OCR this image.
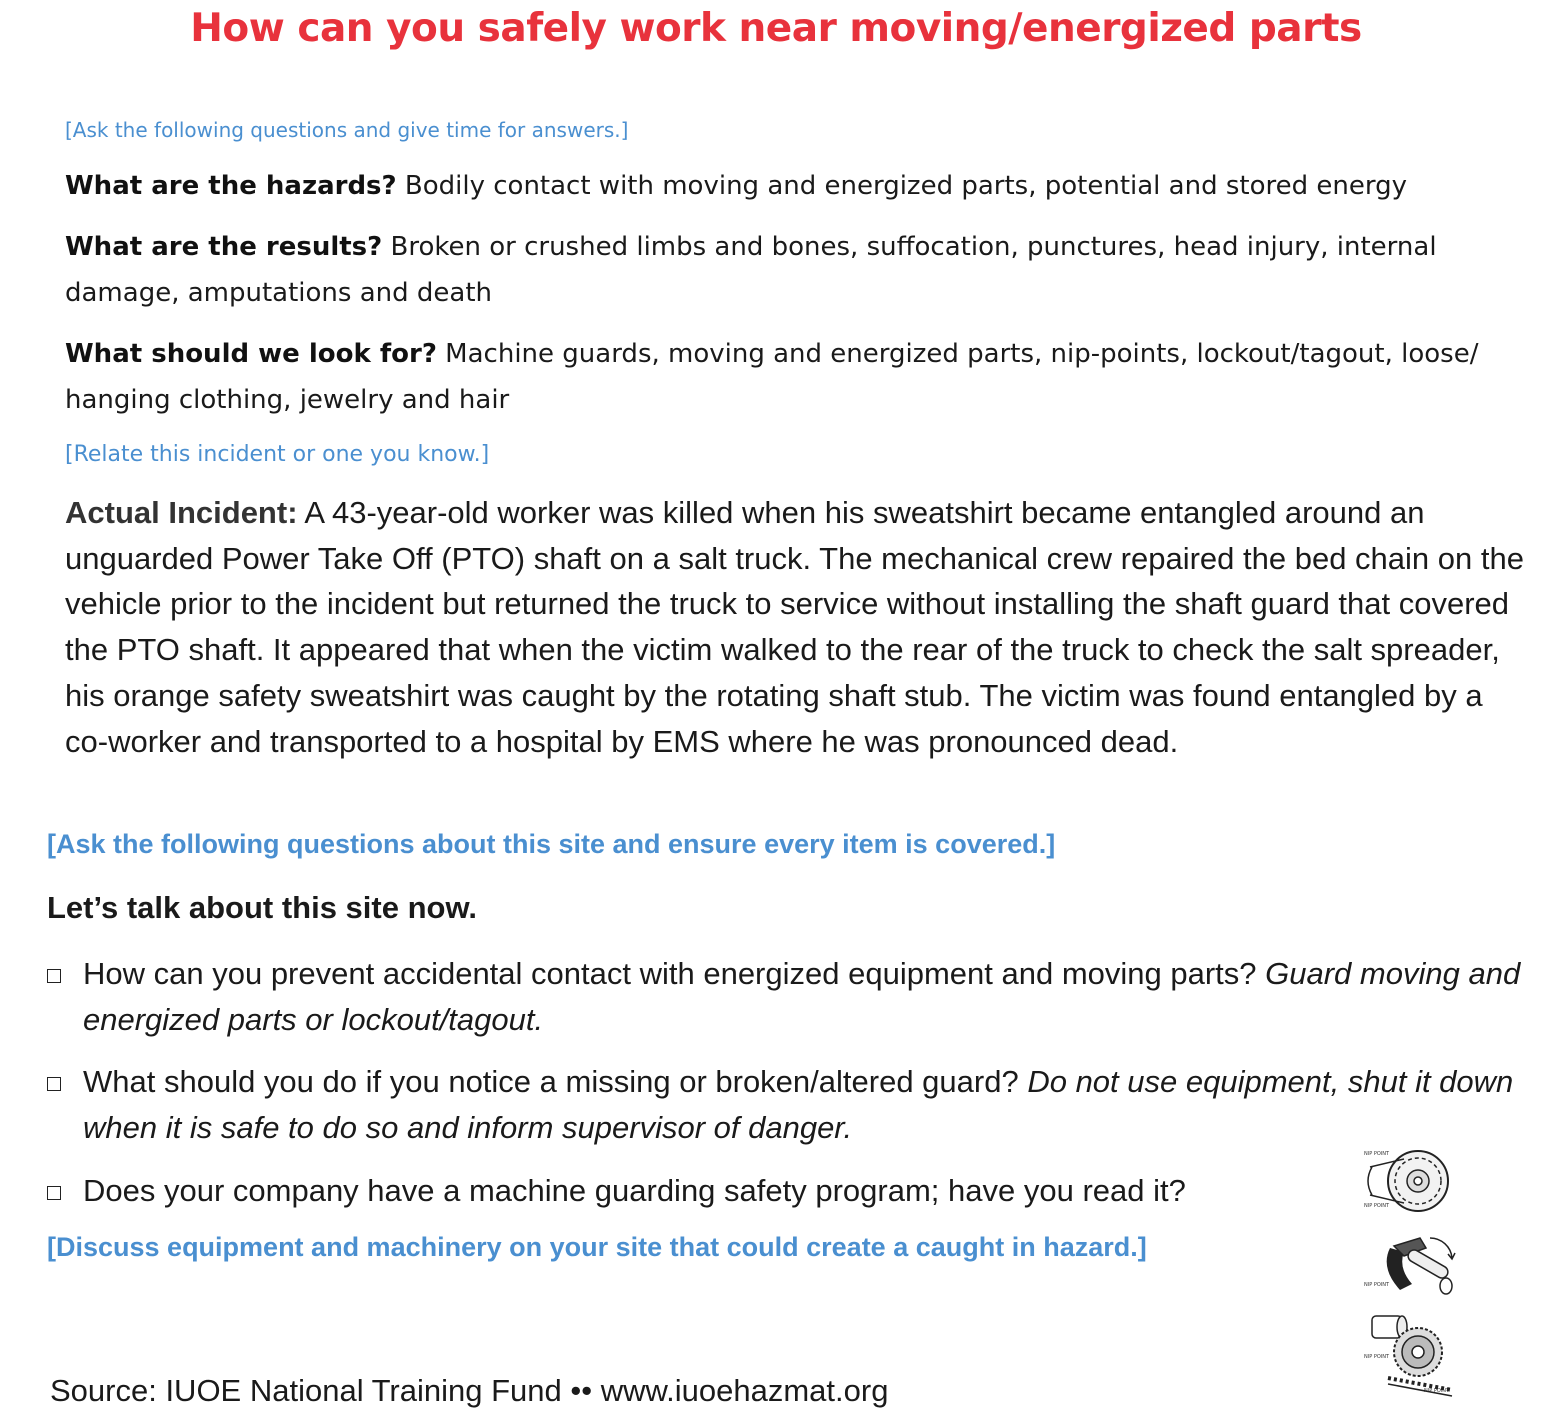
How can you safely work near moving/energized parts
[Ask the following questions and give time for answers.]
What are the hazards? Bodily contact with moving and energized parts, potential and stored energy
What are the results? Broken or crushed limbs and bones, suffocation, punctures, head injury, internal damage, amputations and death
What should we look for? Machine guards, moving and energized parts, nip-points, lockout/tagout, loose/ hanging clothing, jewelry and hair
[Relate this incident or one you know.]
Actual Incident: A 43-year-old worker was killed when his sweatshirt became entangled around an unguarded Power Take Off (PTO) shaft on a salt truck. The mechanical crew repaired the bed chain on the vehicle prior to the incident but returned the truck to service without installing the shaft guard that covered the PTO shaft. It appeared that when the victim walked to the rear of the truck to check the salt spreader, his orange safety sweatshirt was caught by the rotating shaft stub. The victim was found entangled by a co-worker and transported to a hospital by EMS where he was pronounced dead.
[Ask the following questions about this site and ensure every item is covered.]
Let’s talk about this site now.
How can you prevent accidental contact with energized equipment and moving parts? Guard moving and energized parts or lockout/tagout.
What should you do if you notice a missing or broken/altered guard? Do not use equipment, shut it down when it is safe to do so and inform supervisor of danger.
Does your company have a machine guarding safety program; have you read it?
[Discuss equipment and machinery on your site that could create a caught in hazard.]
Source: IUOE National Training Fund •• www.iuoehazmat.org
NIP POINT
NIP POINT
NIP POINT
NIP POINT
NIP POINT
